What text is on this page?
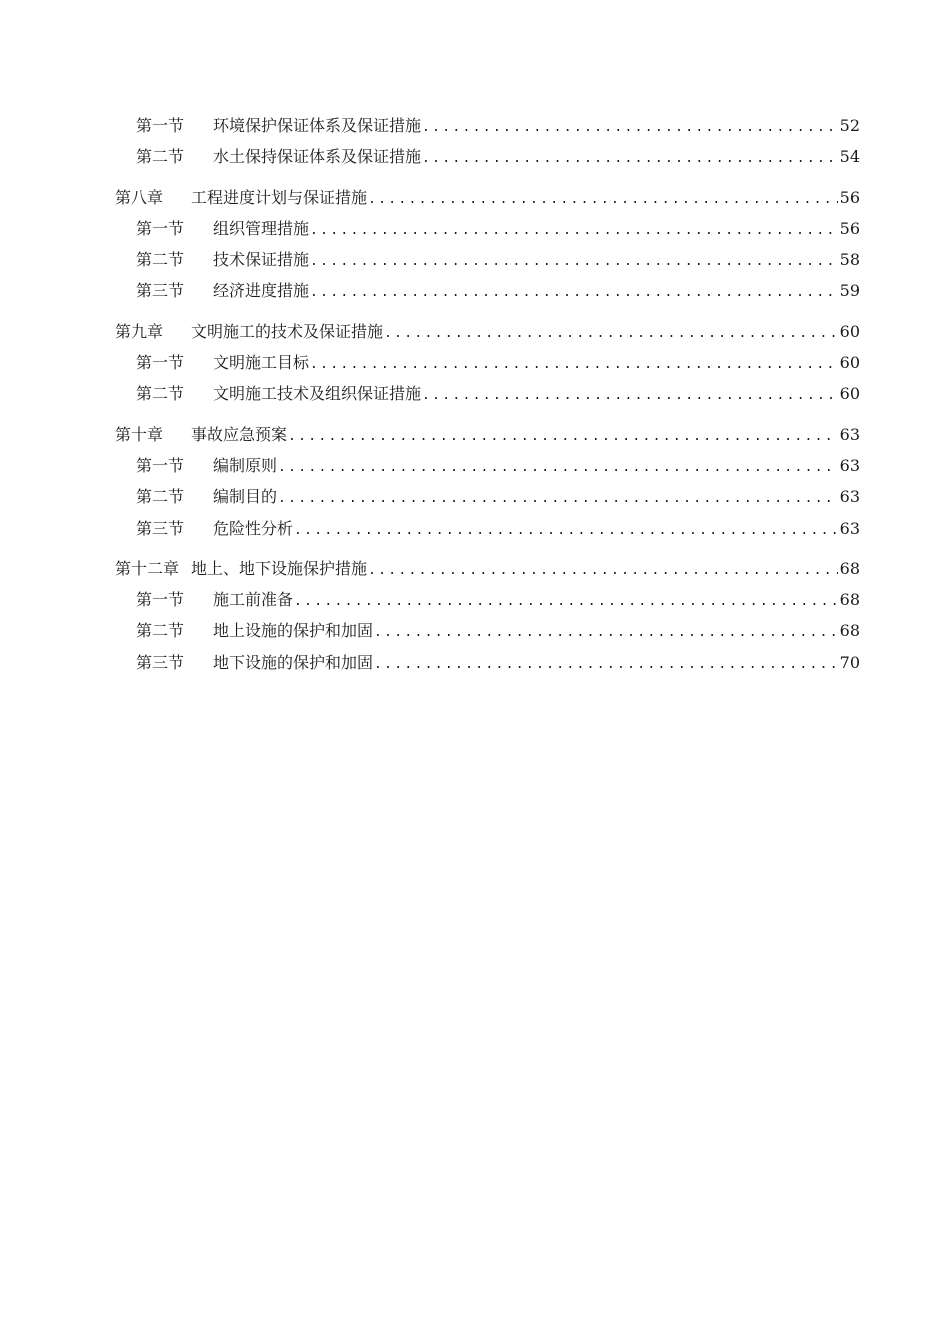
第一节	环境保护保证体系及保证措施 .....	52
第二节	水土保持保证体系及保证措施 .....	54
第八章	工程进度计划与保证措施 .....	56
第一节	组织管理措施 .....	56
第二节	技术保证措施 .....	58
第三节	经济进度措施 .....	59
第九章	文明施工的技术及保证措施 .....	60
第一节	文明施工目标 .....	60
第二节	文明施工技术及组织保证措施 .....	60
第十章	事故应急预案 .....	63
第一节	编制原则 .....	63
第二节	编制目的 .....	63
第三节	危险性分析 .....	63
第十二章 地上、地下设施保护措施 .....	68
第一节	施工前准备 .....	68
第二节	地上设施的保护和加固 .....	68
第三节	地下设施的保护和加固 .....	70
